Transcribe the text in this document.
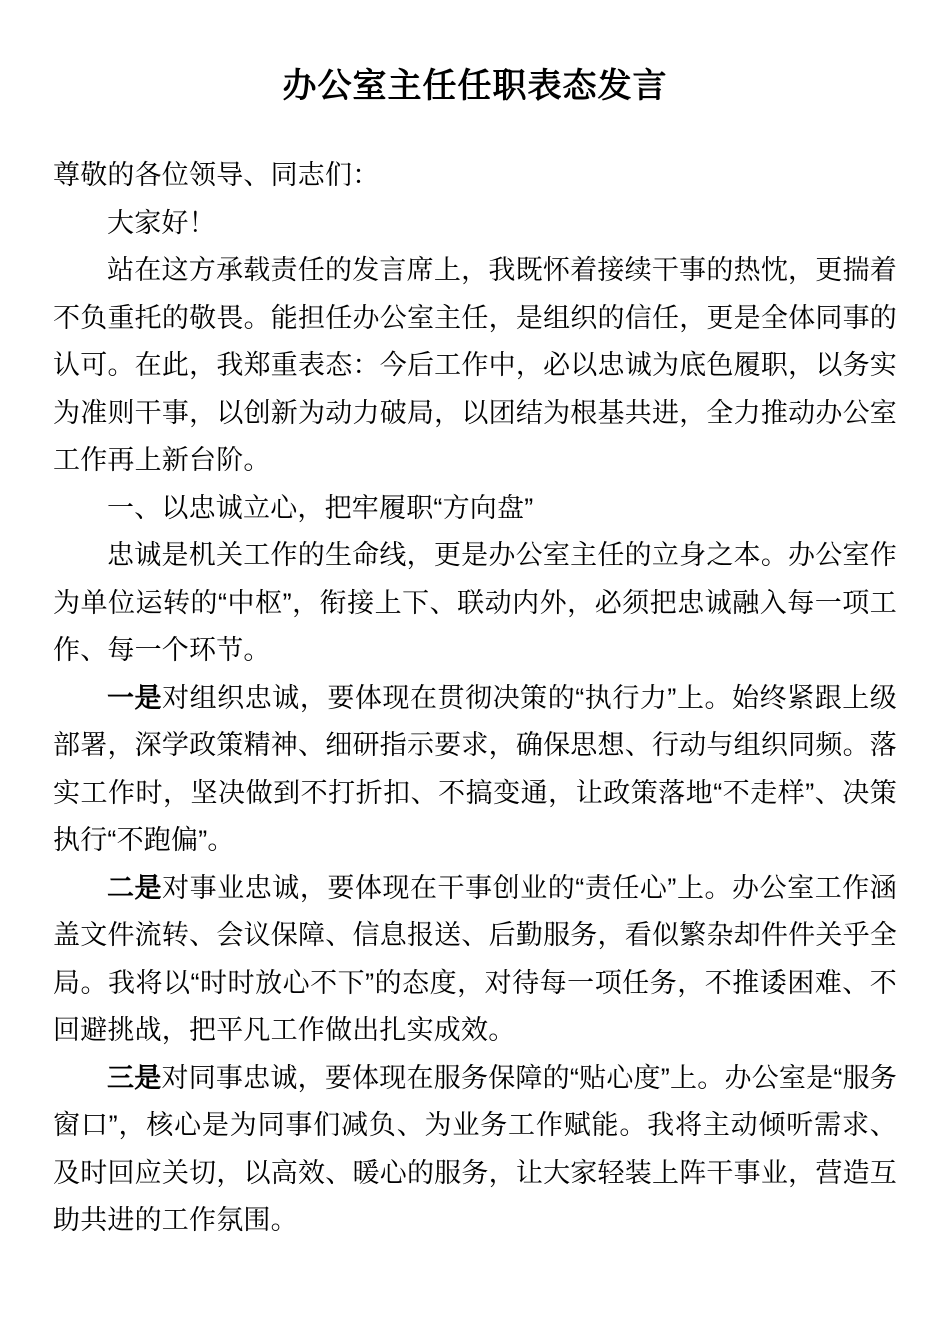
办公室主任任职表态发言

尊敬的各位领导、同志们：

大家好！

站在这方承载责任的发言席上，我既怀着接续干事的热忱，更揣着不负重托的敬畏。能担任办公室主任，是组织的信任，更是全体同事的认可。在此，我郑重表态：今后工作中，必以忠诚为底色履职，以务实为准则干事，以创新为动力破局，以团结为根基共进，全力推动办公室工作再上新台阶。

一、以忠诚立心，把牢履职“方向盘”

忠诚是机关工作的生命线，更是办公室主任的立身之本。办公室作为单位运转的“中枢”，衔接上下、联动内外，必须把忠诚融入每一项工作、每一个环节。

一是对组织忠诚，要体现在贯彻决策的“执行力”上。始终紧跟上级部署，深学政策精神、细研指示要求，确保思想、行动与组织同频。落实工作时，坚决做到不打折扣、不搞变通，让政策落地“不走样”、决策执行“不跑偏”。

二是对事业忠诚，要体现在干事创业的“责任心”上。办公室工作涵盖文件流转、会议保障、信息报送、后勤服务，看似繁杂却件件关乎全局。我将以“时时放心不下”的态度，对待每一项任务，不推诿困难、不回避挑战，把平凡工作做出扎实成效。

三是对同事忠诚，要体现在服务保障的“贴心度”上。办公室是“服务窗口”，核心是为同事们减负、为业务工作赋能。我将主动倾听需求、及时回应关切，以高效、暖心的服务，让大家轻装上阵干事业，营造互助共进的工作氛围。
